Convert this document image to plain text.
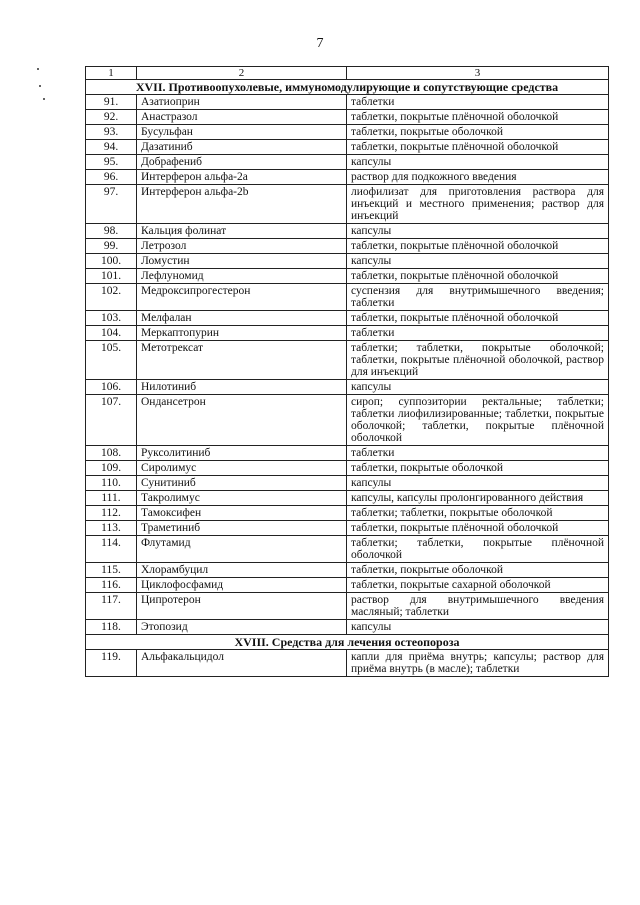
7
1	2	3
XVII. Противоопухолевые, иммуномодулирующие и сопутствующие средства		
91.	Азатиоприн	таблетки
92.	Анастразол	таблетки, покрытые плёночной оболочкой
93.	Бусульфан	таблетки, покрытые оболочкой
94.	Дазатиниб	таблетки, покрытые плёночной оболочкой
95.	Добрафениб	капсулы
96.	Интерферон альфа-2а	раствор для подкожного введения
97.	Интерферон альфа-2b	лиофилизат для приготовления раствора для инъекций и местного применения; раствор для инъекций
98.	Кальция фолинат	капсулы
99.	Летрозол	таблетки, покрытые плёночной оболочкой
100.	Ломустин	капсулы
101.	Лефлуномид	таблетки, покрытые плёночной оболочкой
102.	Медроксипрогестерон	суспензия для внутримышечного введения; таблетки
103.	Мелфалан	таблетки, покрытые плёночной оболочкой
104.	Меркаптопурин	таблетки
105.	Метотрексат	таблетки; таблетки, покрытые оболочкой; таблетки, покрытые плёночной оболочкой, раствор для инъекций
106.	Нилотиниб	капсулы
107.	Ондансетрон	сироп; суппозитории ректальные; таблетки; таблетки лиофилизированные; таблетки, покрытые оболочкой; таблетки, покрытые плёночной оболочкой
108.	Руксолитиниб	таблетки
109.	Сиролимус	таблетки, покрытые оболочкой
110.	Сунитиниб	капсулы
111.	Такролимус	капсулы, капсулы пролонгированного действия
112.	Тамоксифен	таблетки; таблетки, покрытые оболочкой
113.	Траметиниб	таблетки, покрытые плёночной оболочкой
114.	Флутамид	таблетки; таблетки, покрытые плёночной оболочкой
115.	Хлорамбуцил	таблетки, покрытые оболочкой
116.	Циклофосфамид	таблетки, покрытые сахарной оболочкой
117.	Ципротерон	раствор для внутримышечного введения масляный; таблетки
118.	Этопозид	капсулы
XVIII. Средства для лечения остеопороза		
119.	Альфакальцидол	капли для приёма внутрь; капсулы; раствор для приёма внутрь (в масле); таблетки
